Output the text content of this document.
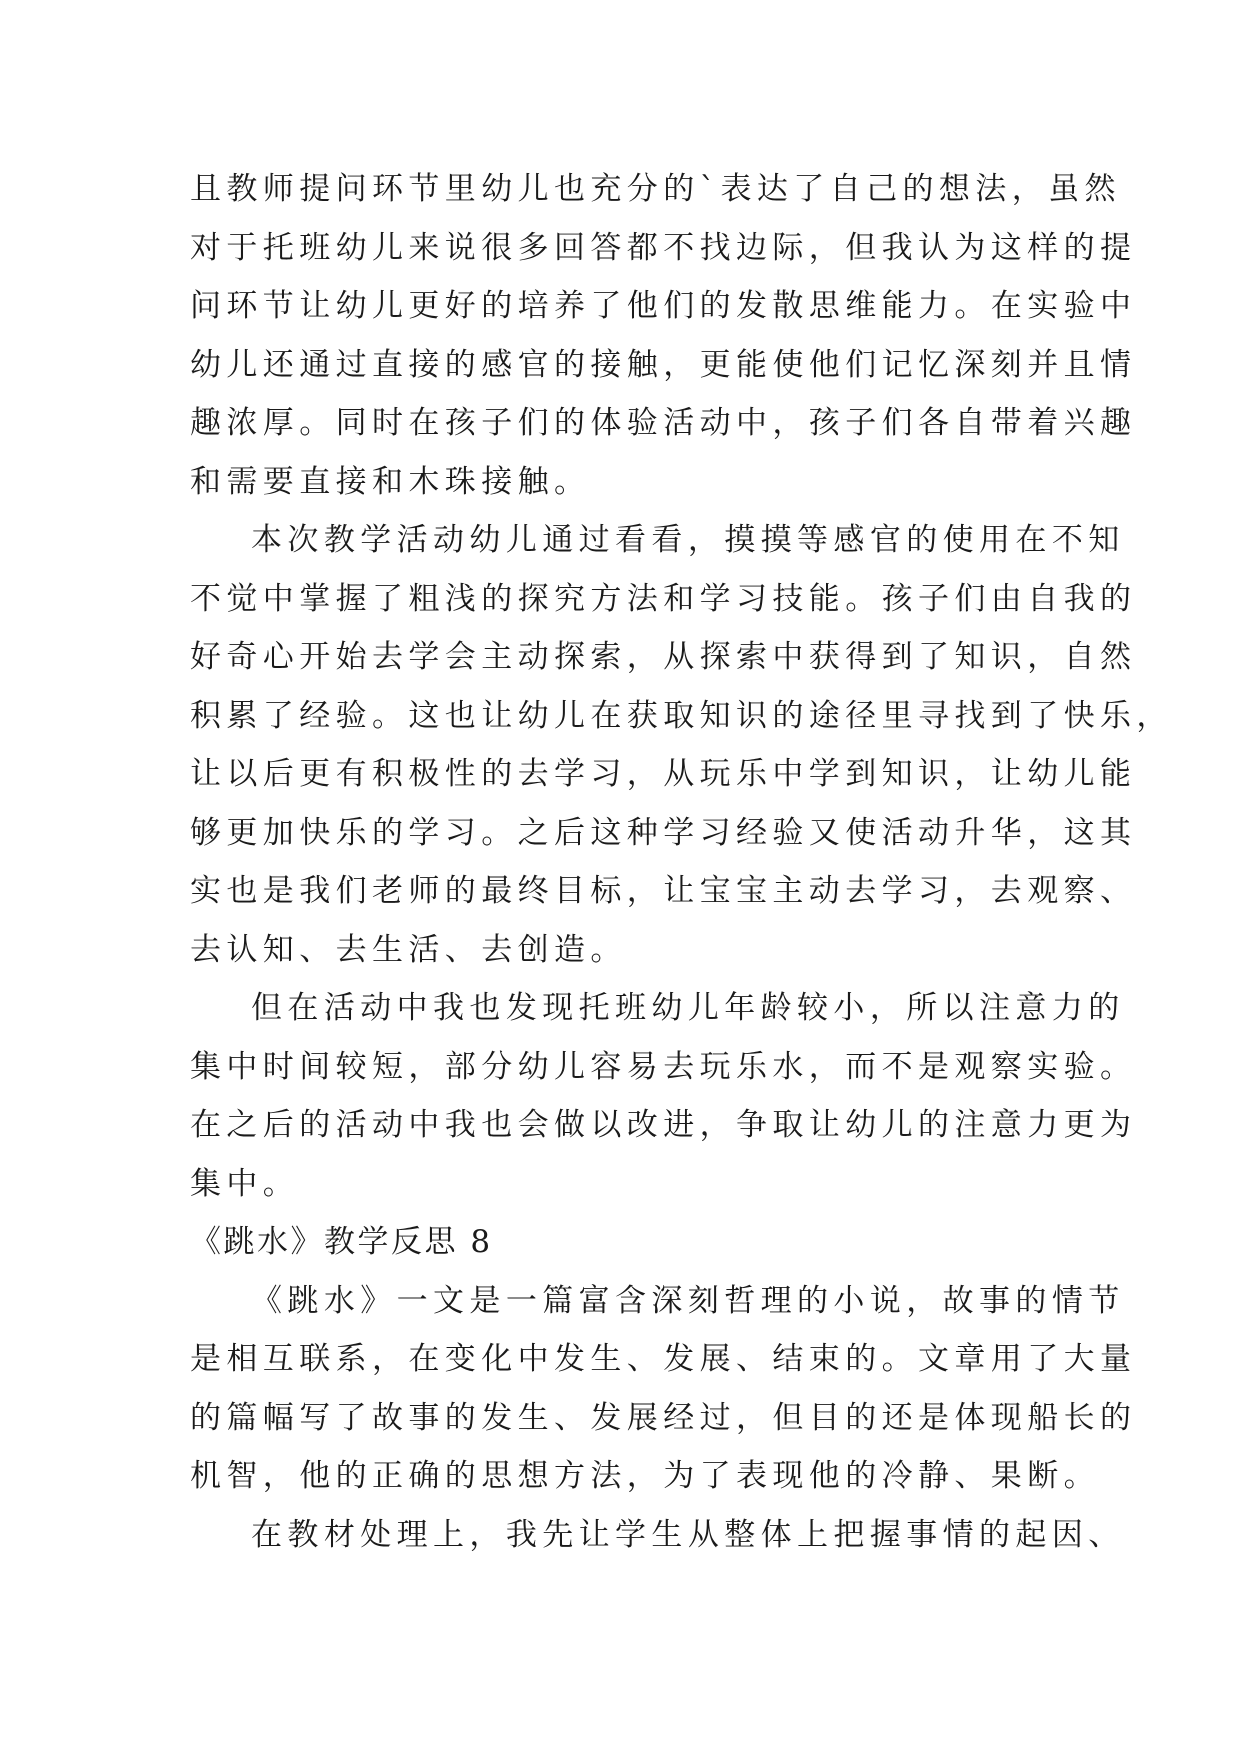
且教师提问环节里幼儿也充分的`表达了自己的想法，虽然
对于托班幼儿来说很多回答都不找边际，但我认为这样的提
问环节让幼儿更好的培养了他们的发散思维能力。在实验中
幼儿还通过直接的感官的接触，更能使他们记忆深刻并且情
趣浓厚。同时在孩子们的体验活动中，孩子们各自带着兴趣
和需要直接和木珠接触。
本次教学活动幼儿通过看看，摸摸等感官的使用在不知
不觉中掌握了粗浅的探究方法和学习技能。孩子们由自我的
好奇心开始去学会主动探索，从探索中获得到了知识，自然
积累了经验。这也让幼儿在获取知识的途径里寻找到了快乐，
让以后更有积极性的去学习，从玩乐中学到知识，让幼儿能
够更加快乐的学习。之后这种学习经验又使活动升华，这其
实也是我们老师的最终目标，让宝宝主动去学习，去观察、
去认知、去生活、去创造。
但在活动中我也发现托班幼儿年龄较小，所以注意力的
集中时间较短，部分幼儿容易去玩乐水，而不是观察实验。
在之后的活动中我也会做以改进，争取让幼儿的注意力更为
集中。
《跳水》教学反思 8
《跳水》一文是一篇富含深刻哲理的小说，故事的情节
是相互联系，在变化中发生、发展、结束的。文章用了大量
的篇幅写了故事的发生、发展经过，但目的还是体现船长的
机智，他的正确的思想方法，为了表现他的冷静、果断。
在教材处理上，我先让学生从整体上把握事情的起因、
